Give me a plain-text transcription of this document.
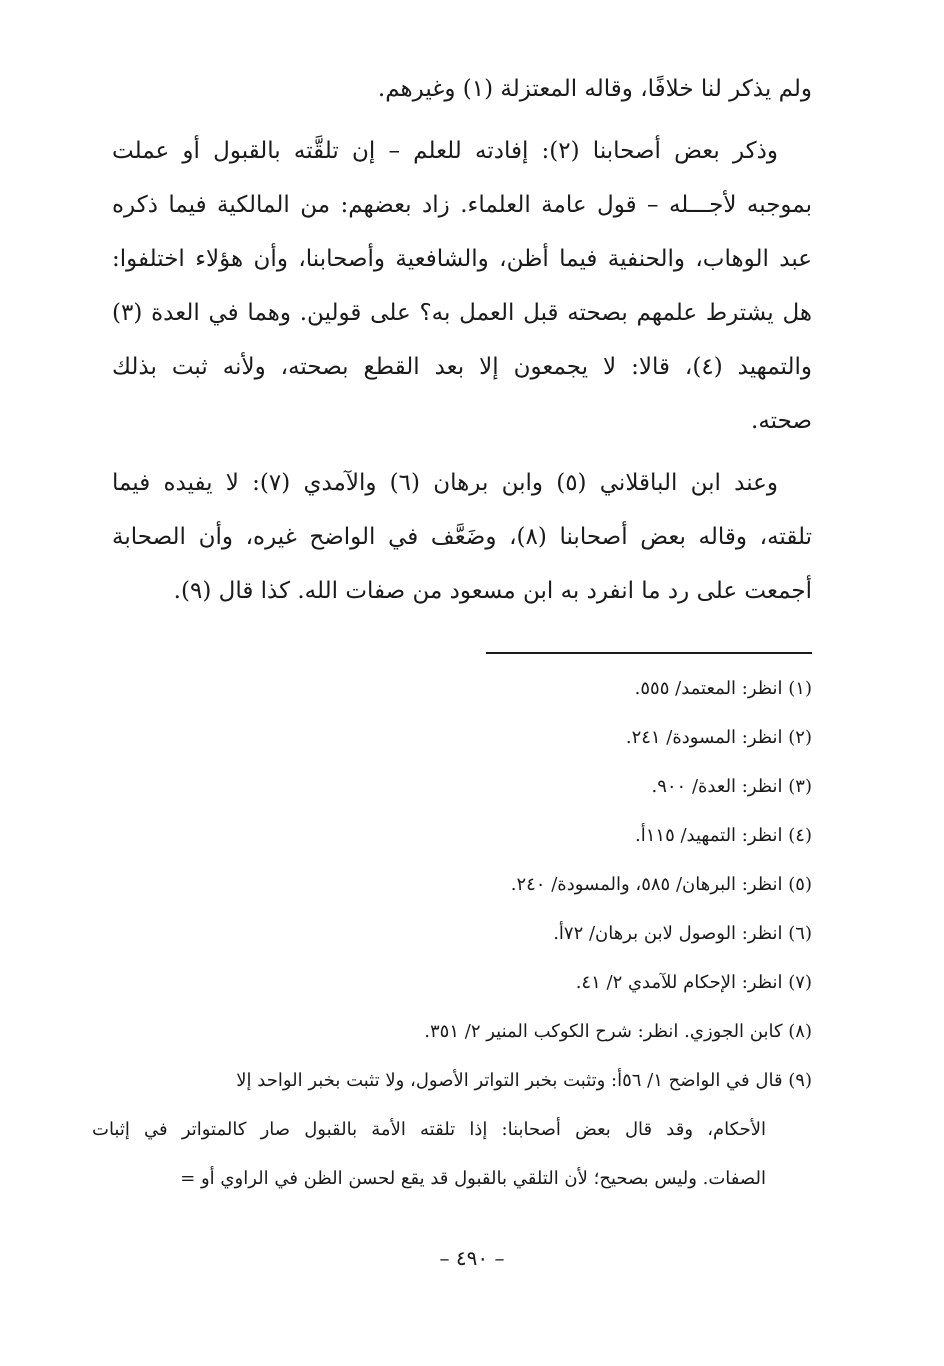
ولم يذكر لنا خلافًا، وقاله المعتزلة (١) وغيرهم.
وذكر بعض أصحابنا (٢): إفادته للعلم – إن تلقَّته بالقبول أو عملت
بموجبه لأجـــله – قول عامة العلماء. زاد بعضهم: من المالكية فيما ذكره
عبد الوهاب، والحنفية فيما أظن، والشافعية وأصحابنا، وأن هؤلاء اختلفوا:
هل يشترط علمهم بصحته قبل العمل به؟ على قولين. وهما في العدة (٣)
والتمهيد (٤)، قالا: لا يجمعون إلا بعد القطع بصحته، ولأنه ثبت بذلك
صحته.
وعند ابن الباقلاني (٥) وابن برهان (٦) والآمدي (٧): لا يفيده فيما
تلقته، وقاله بعض أصحابنا (٨)، وضَعَّف في الواضح غيره، وأن الصحابة
أجمعت على رد ما انفرد به ابن مسعود من صفات الله. كذا قال (٩).
(١) انظر: المعتمد/ ٥٥٥.
(٢) انظر: المسودة/ ٢٤١.
(٣) انظر: العدة/ ٩٠٠.
(٤) انظر: التمهيد/ ١١٥أ.
(٥) انظر: البرهان/ ٥٨٥، والمسودة/ ٢٤٠.
(٦) انظر: الوصول لابن برهان/ ٧٢أ.
(٧) انظر: الإحكام للآمدي ٢/ ٤١.
(٨) كابن الجوزي. انظر: شرح الكوكب المنير ٢/ ٣٥١.
(٩) قال في الواضح ١/ ٥٦أ: وتثبت بخبر التواتر الأصول، ولا تثبت بخبر الواحد إلا
الأحكام، وقد قال بعض أصحابنا: إذا تلقته الأمة بالقبول صار كالمتواتر في إثبات
الصفات. وليس بصحيح؛ لأن التلقي بالقبول قد يقع لحسن الظن في الراوي أو =
– ٤٩٠ –
